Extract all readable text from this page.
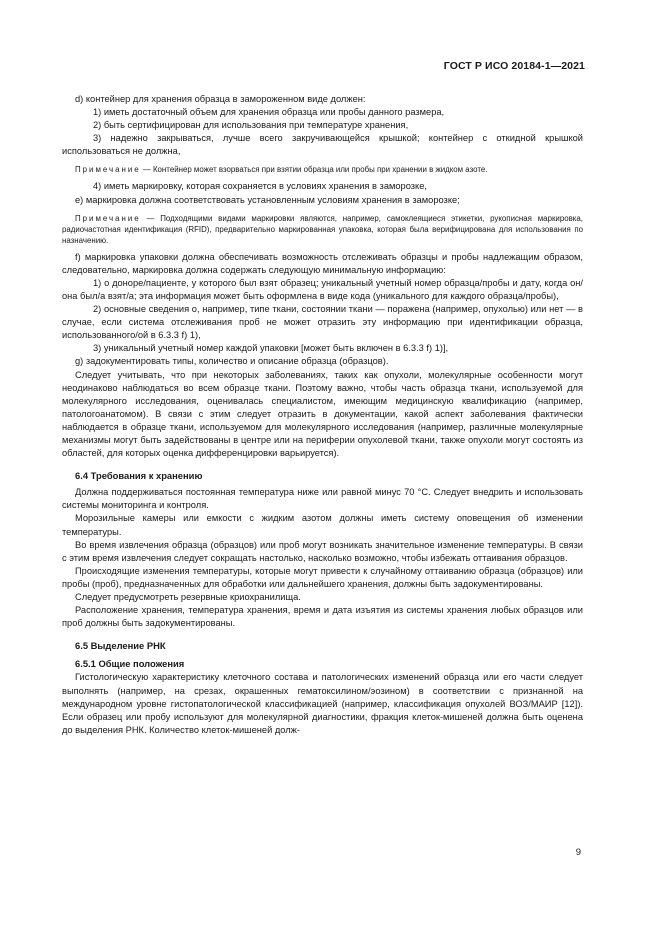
ГОСТ Р ИСО 20184-1—2021

d) контейнер для хранения образца в замороженном виде должен:

1) иметь достаточный объем для хранения образца или пробы данного размера,

2) быть сертифицирован для использования при температуре хранения,

3) надежно закрываться, лучше всего закручивающейся крышкой; контейнер с откидной крышкой использоваться не должна,

Примечание — Контейнер может взорваться при взятии образца или пробы при хранении в жидком азоте.

4) иметь маркировку, которая сохраняется в условиях хранения в заморозке,

e) маркировка должна соответствовать установленным условиям хранения в заморозке;

Примечание — Подходящими видами маркировки являются, например, самоклеящиеся этикетки, рукописная маркировка, радиочастотная идентификация (RFID), предварительно маркированная упаковка, которая была верифицирована для использования по назначению.

f) маркировка упаковки должна обеспечивать возможность отслеживать образцы и пробы надлежащим образом, следовательно, маркировка должна содержать следующую минимальную информацию:

1) о доноре/пациенте, у которого был взят образец; уникальный учетный номер образца/пробы и дату, когда он/она был/а взят/а; эта информация может быть оформлена в виде кода (уникального для каждого образца/пробы),

2) основные сведения о, например, типе ткани, состоянии ткани — поражена (например, опухолью) или нет — в случае, если система отслеживания проб не может отразить эту информацию при идентификации образца, использованного/ой в 6.3.3 f) 1),

3) уникальный учетный номер каждой упаковки [может быть включен в 6.3.3 f) 1)],

g) задокументировать типы, количество и описание образца (образцов).

Следует учитывать, что при некоторых заболеваниях, таких как опухоли, молекулярные особенности могут неодинаково наблюдаться во всем образце ткани. Поэтому важно, чтобы часть образца ткани, используемой для молекулярного исследования, оценивалась специалистом, имеющим медицинскую квалификацию (например, патологоанатомом). В связи с этим следует отразить в документации, какой аспект заболевания фактически наблюдается в образце ткани, используемом для молекулярного исследования (например, различные молекулярные механизмы могут быть задействованы в центре или на периферии опухолевой ткани, также опухоли могут состоять из областей, для которых оценка дифференцировки варьируется).

6.4 Требования к хранению

Должна поддерживаться постоянная температура ниже или равной минус 70 °C. Следует внедрить и использовать системы мониторинга и контроля.

Морозильные камеры или емкости с жидким азотом должны иметь систему оповещения об изменении температуры.

Во время извлечения образца (образцов) или проб могут возникать значительное изменение температуры. В связи с этим время извлечения следует сокращать настолько, насколько возможно, чтобы избежать оттаивания образцов.

Происходящие изменения температуры, которые могут привести к случайному оттаиванию образца (образцов) или пробы (проб), предназначенных для обработки или дальнейшего хранения, должны быть задокументированы.

Следует предусмотреть резервные криохранилища.

Расположение хранения, температура хранения, время и дата изъятия из системы хранения любых образцов или проб должны быть задокументированы.

6.5 Выделение РНК

6.5.1 Общие положения

Гистологическую характеристику клеточного состава и патологических изменений образца или его части следует выполнять (например, на срезах, окрашенных гематоксилином/эозином) в соответствии с признанной на международном уровне гистопатологической классификацией (например, классификация опухолей ВОЗ/МАИР [12]). Если образец или пробу используют для молекулярной диагностики, фракция клеток-мишеней должна быть оценена до выделения РНК. Количество клеток-мишеней долж-

9
